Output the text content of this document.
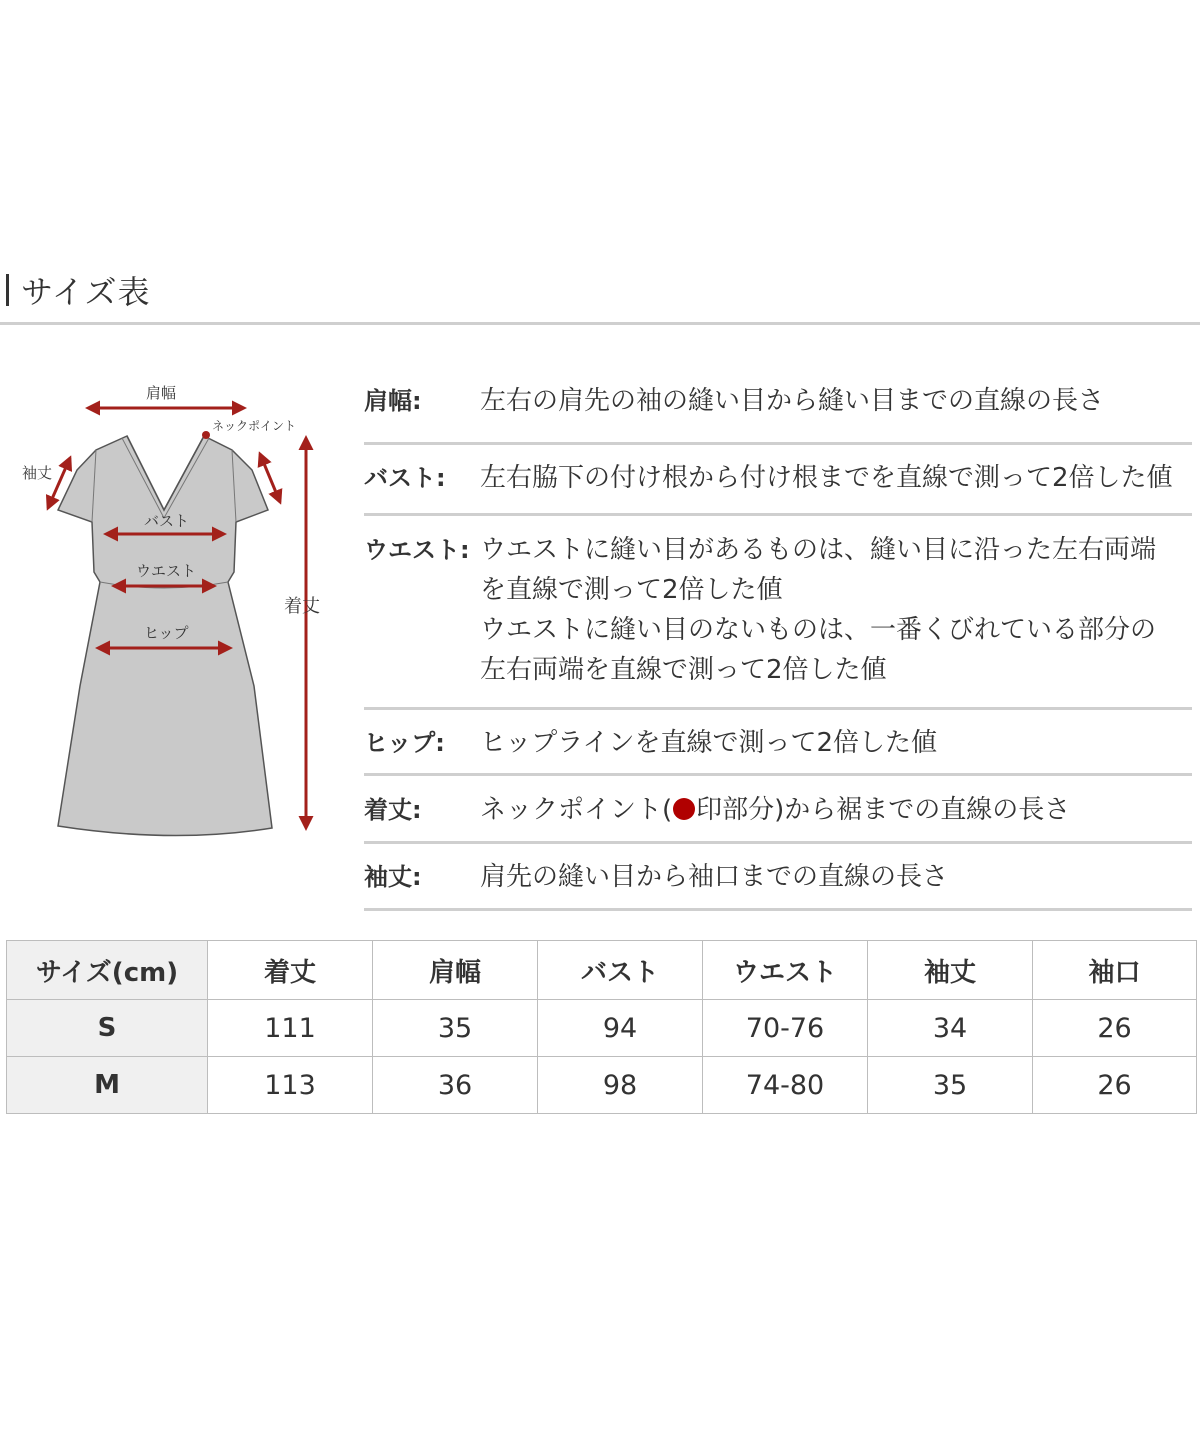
サイズ表
肩幅
ネックポイント
袖丈
バスト
ウエスト
ヒップ
着丈
肩幅:	左右の肩先の袖の縫い目から縫い目までの直線の長さ
バスト:	左右脇下の付け根から付け根までを直線で測って2倍した値
ウエスト: ウエストに縫い目があるものは、縫い目に沿った左右両端
を直線で測って2倍した値
ウエストに縫い目のないものは、一番くびれている部分の
左右両端を直線で測って2倍した値
ヒップ:	ヒップラインを直線で測って2倍した値
着丈:	ネックポイント( 印部分)から裾までの直線の長さ
袖丈:	肩先の縫い目から袖口までの直線の長さ
サイズ(cm)	着丈	肩幅	バスト	ウエスト	袖丈	袖口
S	111	35	94	70-76	34	26
M	113	36	98	74-80	35	26
